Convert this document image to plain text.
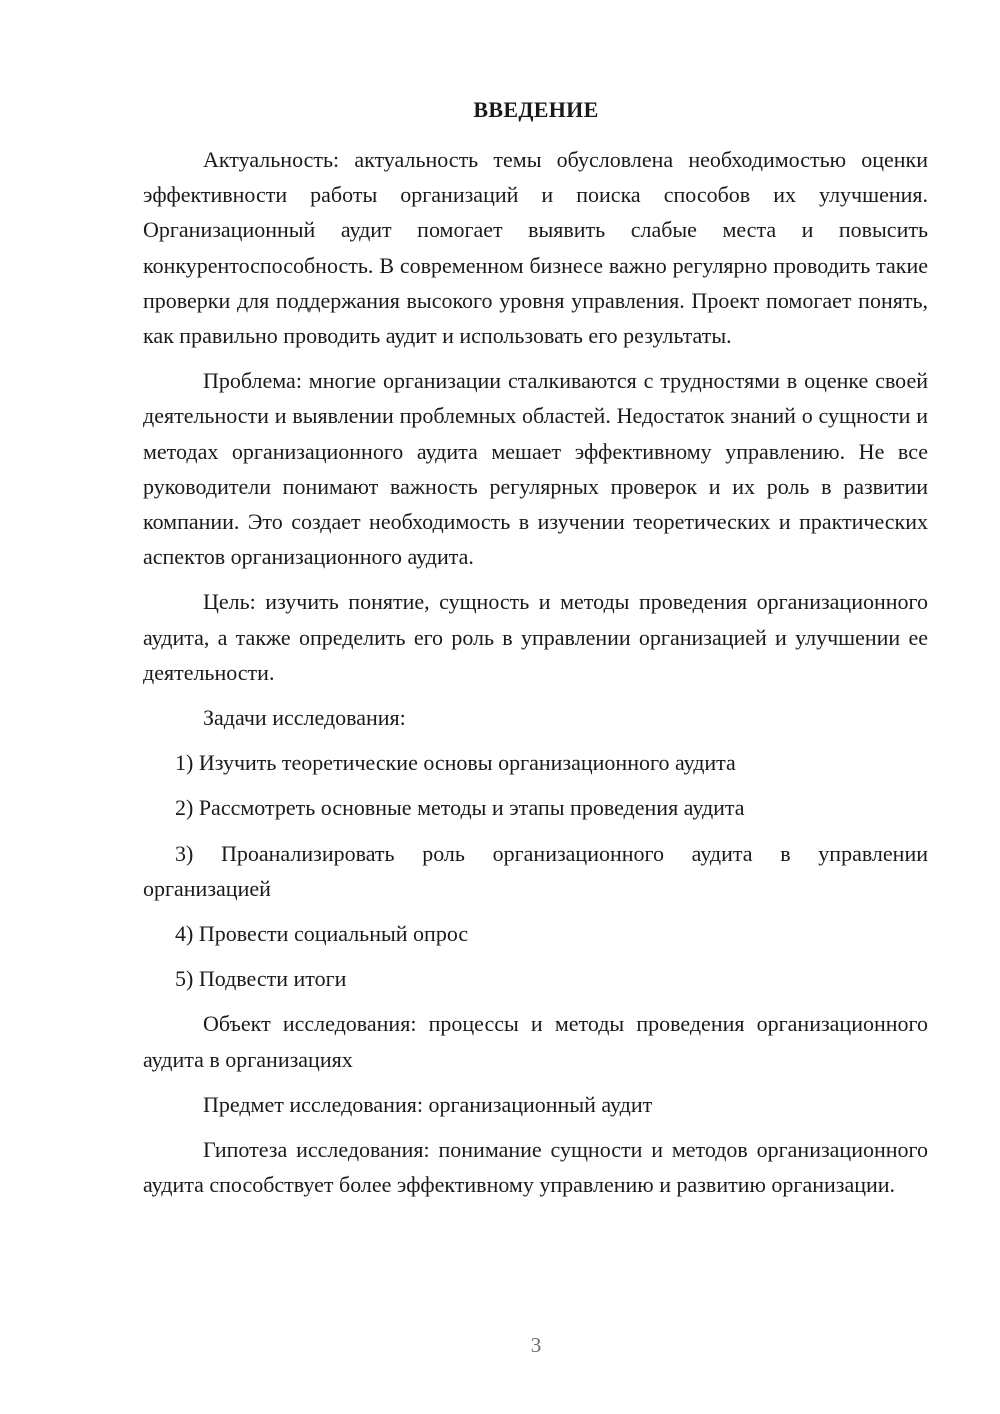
ВВЕДЕНИЕ

Актуальность: актуальность темы обусловлена необходимостью оценки эффективности работы организаций и поиска способов их улучшения. Организационный аудит помогает выявить слабые места и повысить конкурентоспособность. В современном бизнесе важно регулярно проводить такие проверки для поддержания высокого уровня управления. Проект помогает понять, как правильно проводить аудит и использовать его результаты.

Проблема: многие организации сталкиваются с трудностями в оценке своей деятельности и выявлении проблемных областей. Недостаток знаний о сущности и методах организационного аудита мешает эффективному управлению. Не все руководители понимают важность регулярных проверок и их роль в развитии компании. Это создает необходимость в изучении теоретических и практических аспектов организационного аудита.

Цель: изучить понятие, сущность и методы проведения организационного аудита, а также определить его роль в управлении организацией и улучшении ее деятельности.

Задачи исследования:

1) Изучить теоретические основы организационного аудита

2) Рассмотреть основные методы и этапы проведения аудита

3) Проанализировать роль организационного аудита в управлении организацией

4) Провести социальный опрос

5) Подвести итоги

Объект исследования: процессы и методы проведения организационного аудита в организациях

Предмет исследования: организационный аудит

Гипотеза исследования: понимание сущности и методов организационного аудита способствует более эффективному управлению и развитию организации.

3
